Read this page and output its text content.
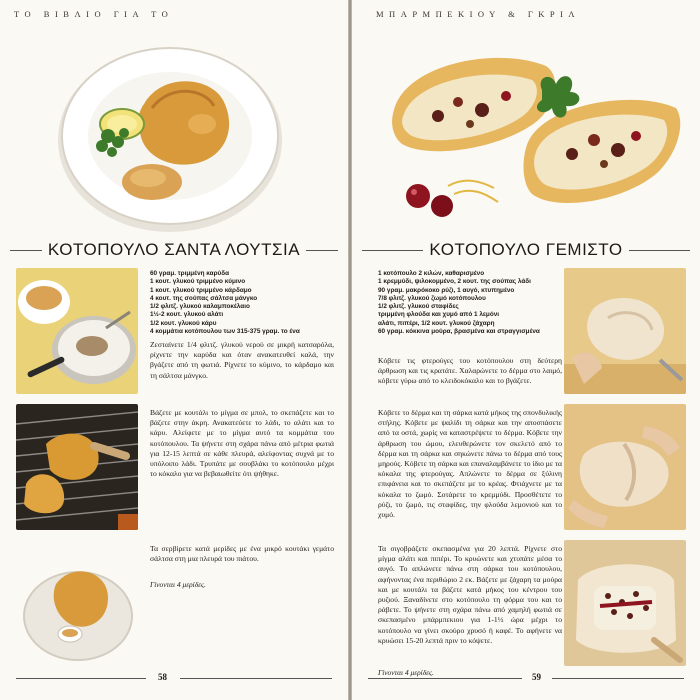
ΤΟ ΒΙΒΛΙΟ ΓΙΑ ΤΟ
ΚΟΤΟΠΟΥΛΟ ΣΑΝΤΑ ΛΟΥΤΣΙΑ
60 γραμ. τριμμένη καρύδα
1 κουτ. γλυκού τριμμένο κύμινο
1 κουτ. γλυκού τριμμένο κάρδαμο
4 κουτ. της σούπας σάλτσα μάνγκο
1/2 φλιτζ. γλυκού καλαμποκέλαιο
1½-2 κουτ. γλυκού αλάτι
1/2 κουτ. γλυκού κάρυ
4 κομμάτια κοτόπουλου των 315-375 γραμ. το ένα
Ζεσταίνετε 1/4 φλιτζ. γλυκού νερού σε μικρή κατσαρόλα, ρίχνετε την καρύδα και όταν ανακατευθεί καλά, την βγάζετε από τη φωτιά. Ρίχνετε το κύμινο, το κάρδαμο και τη σάλτσα μάνγκο.
Βάζετε με κουτάλι το μίγμα σε μπολ, το σκεπάζετε και το βάζετε στην άκρη. Ανακατεύετε το λάδι, το αλάτι και το κάρυ. Αλείφετε με το μίγμα αυτό τα κομμάτια του κοτόπουλου. Τα ψήνετε στη σχάρα πάνω από μέτρια φωτιά για 12-15 λεπτά σε κάθε πλευρά, αλείφοντας συχνά με το υπόλοιπο λάδι. Τρυπάτε με σουβλάκι το κοτόπουλο μέχρι το κόκαλο για να βεβαιωθείτε ότι ψήθηκε.
Τα σερβίρετε κατά μερίδες με ένα μικρό κουτάκι γεμάτο σάλτσα στη μια πλευρά του πιάτου.
Γίνονται 4 μερίδες.
58
ΜΠΑΡΜΠΕΚΙΟΥ & ΓΚΡΙΛ
ΚΟΤΟΠΟΥΛΟ ΓΕΜΙΣΤΟ
1 κοτόπουλο 2 κιλών, καθαρισμένο
1 κρεμμύδι, ψιλοκομμένο, 2 κουτ. της σούπας λάδι
90 γραμ. μακρόκοκο ρύζι, 1 αυγό, κτυπημένο
7/8 φλιτζ. γλυκού ζωμό κοτόπουλου
1/2 φλιτζ. γλυκού σταφίδες
τριμμένη φλούδα και χυμό από 1 λεμόνι
αλάτι, πιπέρι, 1/2 κουτ. γλυκού ζάχαρη
60 γραμ. κόκκινα μούρα, βρασμένα και στραγγισμένα
Κόβετε τις φτερούγες του κοτόπουλου στη δεύτερη άρθρωση και τις κρατάτε. Χαλαρώνετε το δέρμα στο λαιμό, κόβετε γύρω από το κλειδοκόκαλο και το βγάζετε.
Κόβετε το δέρμα και τη σάρκα κατά μήκος της σπονδυλικής στήλης. Κόβετε με ψαλίδι τη σάρκα και την αποσπάσετε από τα οστά, χωρίς να καταστρέψετε το δέρμα. Κόβετε την άρθρωση του ώμου, ελευθερώνετε τον σκελετό από το δέρμα και τη σάρκα και σηκώνετε πάνω το δέρμα από τους μηρούς. Κόβετε τη σάρκα και επαναλαμβάνετε το ίδιο με τα κόκαλα της φτερούγας. Απλώνετε το δέρμα σε ξύλινη επιφάνεια και το σκεπάζετε με το κρέας. Φτιάχνετε με τα κόκαλα το ζωμό. Σοτάρετε το κρεμμύδι. Προσθέτετε το ρύζι, το ζωμό, τις σταφίδες, την φλούδα λεμονιού και το χυμό.
Τα σιγοβράζετε σκεπασμένα για 20 λεπτά. Ρίχνετε στο μίγμα αλάτι και πιπέρι. Το κρυώνετε και χτυπάτε μέσα το αυγό. Το απλώνετε πάνω στη σάρκα του κοτόπουλου, αφήνοντας ένα περιθώριο 2 εκ. Βάζετε με ζάχαρη τα μούρα και με κουτάλι τα βάζετε κατά μήκος του κέντρου του ρυζιού. Ξαναδίνετε στο κοτόπουλο τη φόρμα του και το ράβετε. Το ψήνετε στη σχάρα πάνω από χαμηλή φωτιά σε σκεπασμένο μπάρμπεκιου για 1-1½ ώρα μέχρι το κοτόπουλο να γίνει σκούρο χρυσό ή καφέ. Το αφήνετε να κρυώσει 15-20 λεπτά πριν το κόψετε.
Γίνονται 4 μερίδες.	59
